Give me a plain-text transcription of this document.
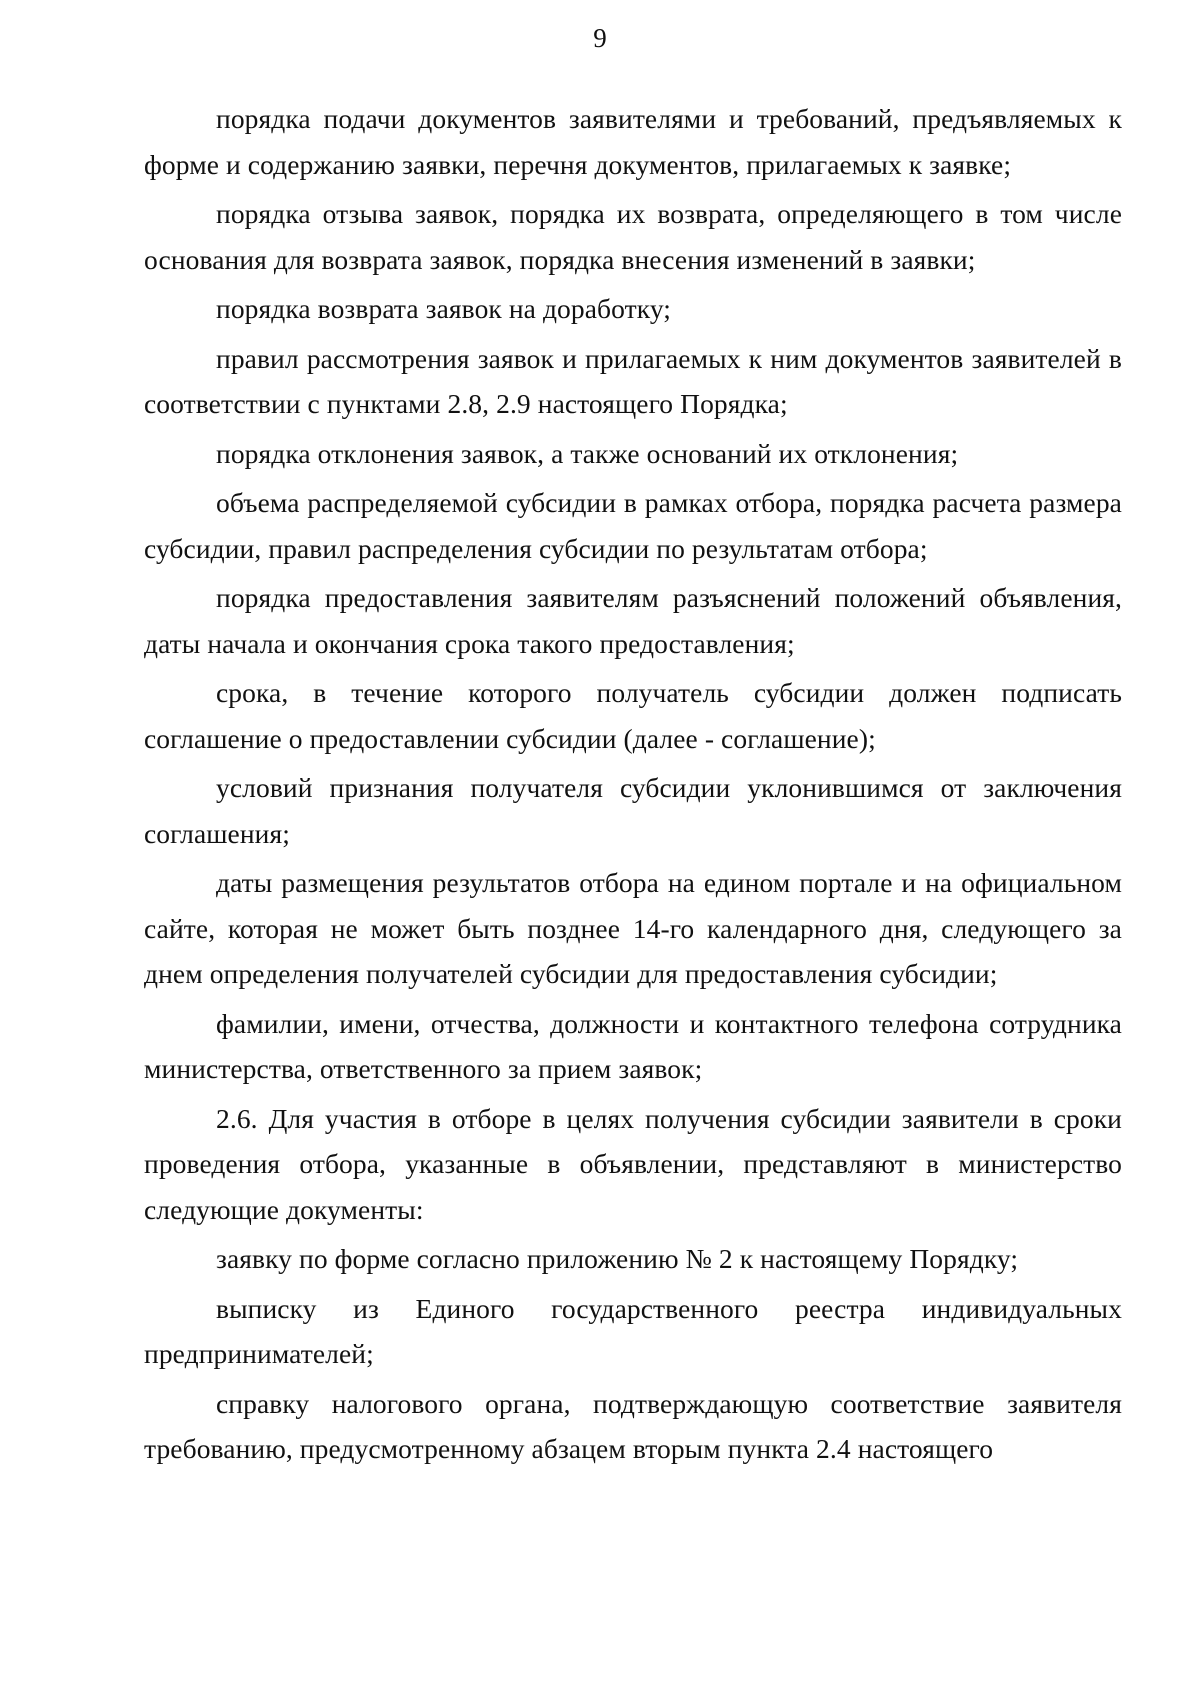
9

порядка подачи документов заявителями и требований, предъявляемых к форме и содержанию заявки, перечня документов, прилагаемых к заявке;

порядка отзыва заявок, порядка их возврата, определяющего в том числе основания для возврата заявок, порядка внесения изменений в заявки;

порядка возврата заявок на доработку;

правил рассмотрения заявок и прилагаемых к ним документов заявителей в соответствии с пунктами 2.8, 2.9 настоящего Порядка;

порядка отклонения заявок, а также оснований их отклонения;

объема распределяемой субсидии в рамках отбора, порядка расчета размера субсидии, правил распределения субсидии по результатам отбора;

порядка предоставления заявителям разъяснений положений объявления, даты начала и окончания срока такого предоставления;

срока, в течение которого получатель субсидии должен подписать соглашение о предоставлении субсидии (далее - соглашение);

условий признания получателя субсидии уклонившимся от заключения соглашения;

даты размещения результатов отбора на едином портале и на официальном сайте, которая не может быть позднее 14-го календарного дня, следующего за днем определения получателей субсидии для предоставления субсидии;

фамилии, имени, отчества, должности и контактного телефона сотрудника министерства, ответственного за прием заявок;

2.6. Для участия в отборе в целях получения субсидии заявители в сроки проведения отбора, указанные в объявлении, представляют в министерство следующие документы:

заявку по форме согласно приложению № 2 к настоящему Порядку;

выписку из Единого государственного реестра индивидуальных предпринимателей;

справку налогового органа, подтверждающую соответствие заявителя требованию, предусмотренному абзацем вторым пункта 2.4 настоящего
